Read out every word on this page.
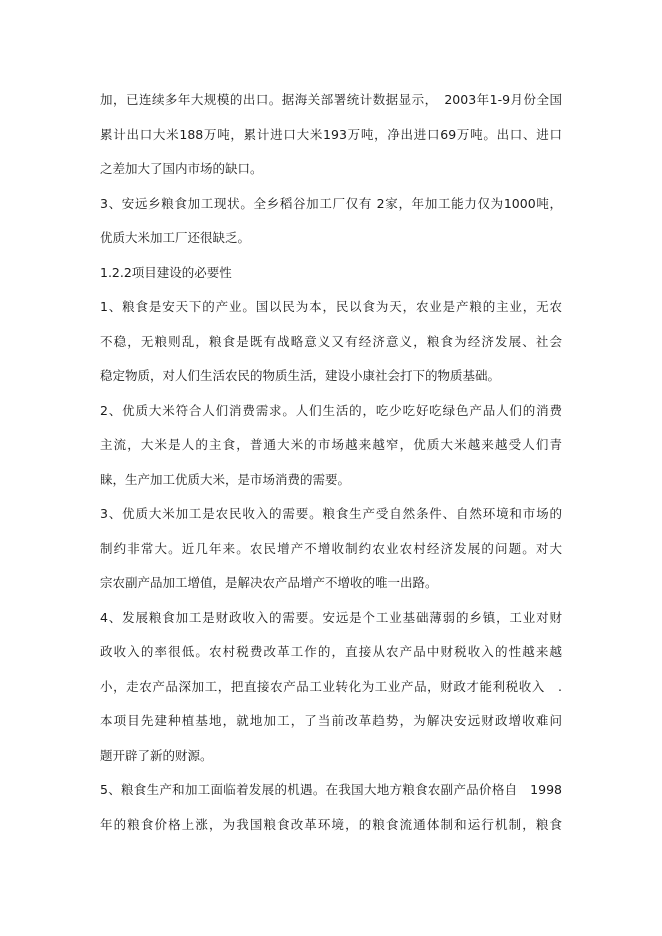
加，已连续多年大规模的出口。据海关部署统计数据显示，　2003年1-9月份全国
累计出口大米188万吨，累计进口大米193万吨，净出进口69万吨。出口、进口
之差加大了国内市场的缺口。
3、安远乡粮食加工现状。全乡稻谷加工厂仅有 2家，年加工能力仅为1000吨，
优质大米加工厂还很缺乏。
1.2.2项目建设的必要性
1、粮食是安天下的产业。国以民为本，民以食为天，农业是产粮的主业，无农
不稳，无粮则乱，粮食是既有战略意义又有经济意义，粮食为经济发展、社会
稳定物质，对人们生活农民的物质生活，建设小康社会打下的物质基础。
2、优质大米符合人们消费需求。人们生活的，吃少吃好吃绿色产品人们的消费
主流，大米是人的主食，普通大米的市场越来越窄，优质大米越来越受人们青
睐，生产加工优质大米，是市场消费的需要。
3、优质大米加工是农民收入的需要。粮食生产受自然条件、自然环境和市场的
制约非常大。近几年来。农民增产不增收制约农业农村经济发展的问题。对大
宗农副产品加工增值，是解决农产品增产不增收的唯一出路。
4、发展粮食加工是财政收入的需要。安远是个工业基础薄弱的乡镇，工业对财
政收入的率很低。农村税费改革工作的，直接从农产品中财税收入的性越来越
小，走农产品深加工，把直接农产品工业转化为工业产品，财政才能利税收入　.
本项目先建种植基地，就地加工，了当前改革趋势，为解决安远财政增收难问
题开辟了新的财源。
5、粮食生产和加工面临着发展的机遇。在我国大地方粮食农副产品价格自　1998
年的粮食价格上涨，为我国粮食改革环境，的粮食流通体制和运行机制，粮食
